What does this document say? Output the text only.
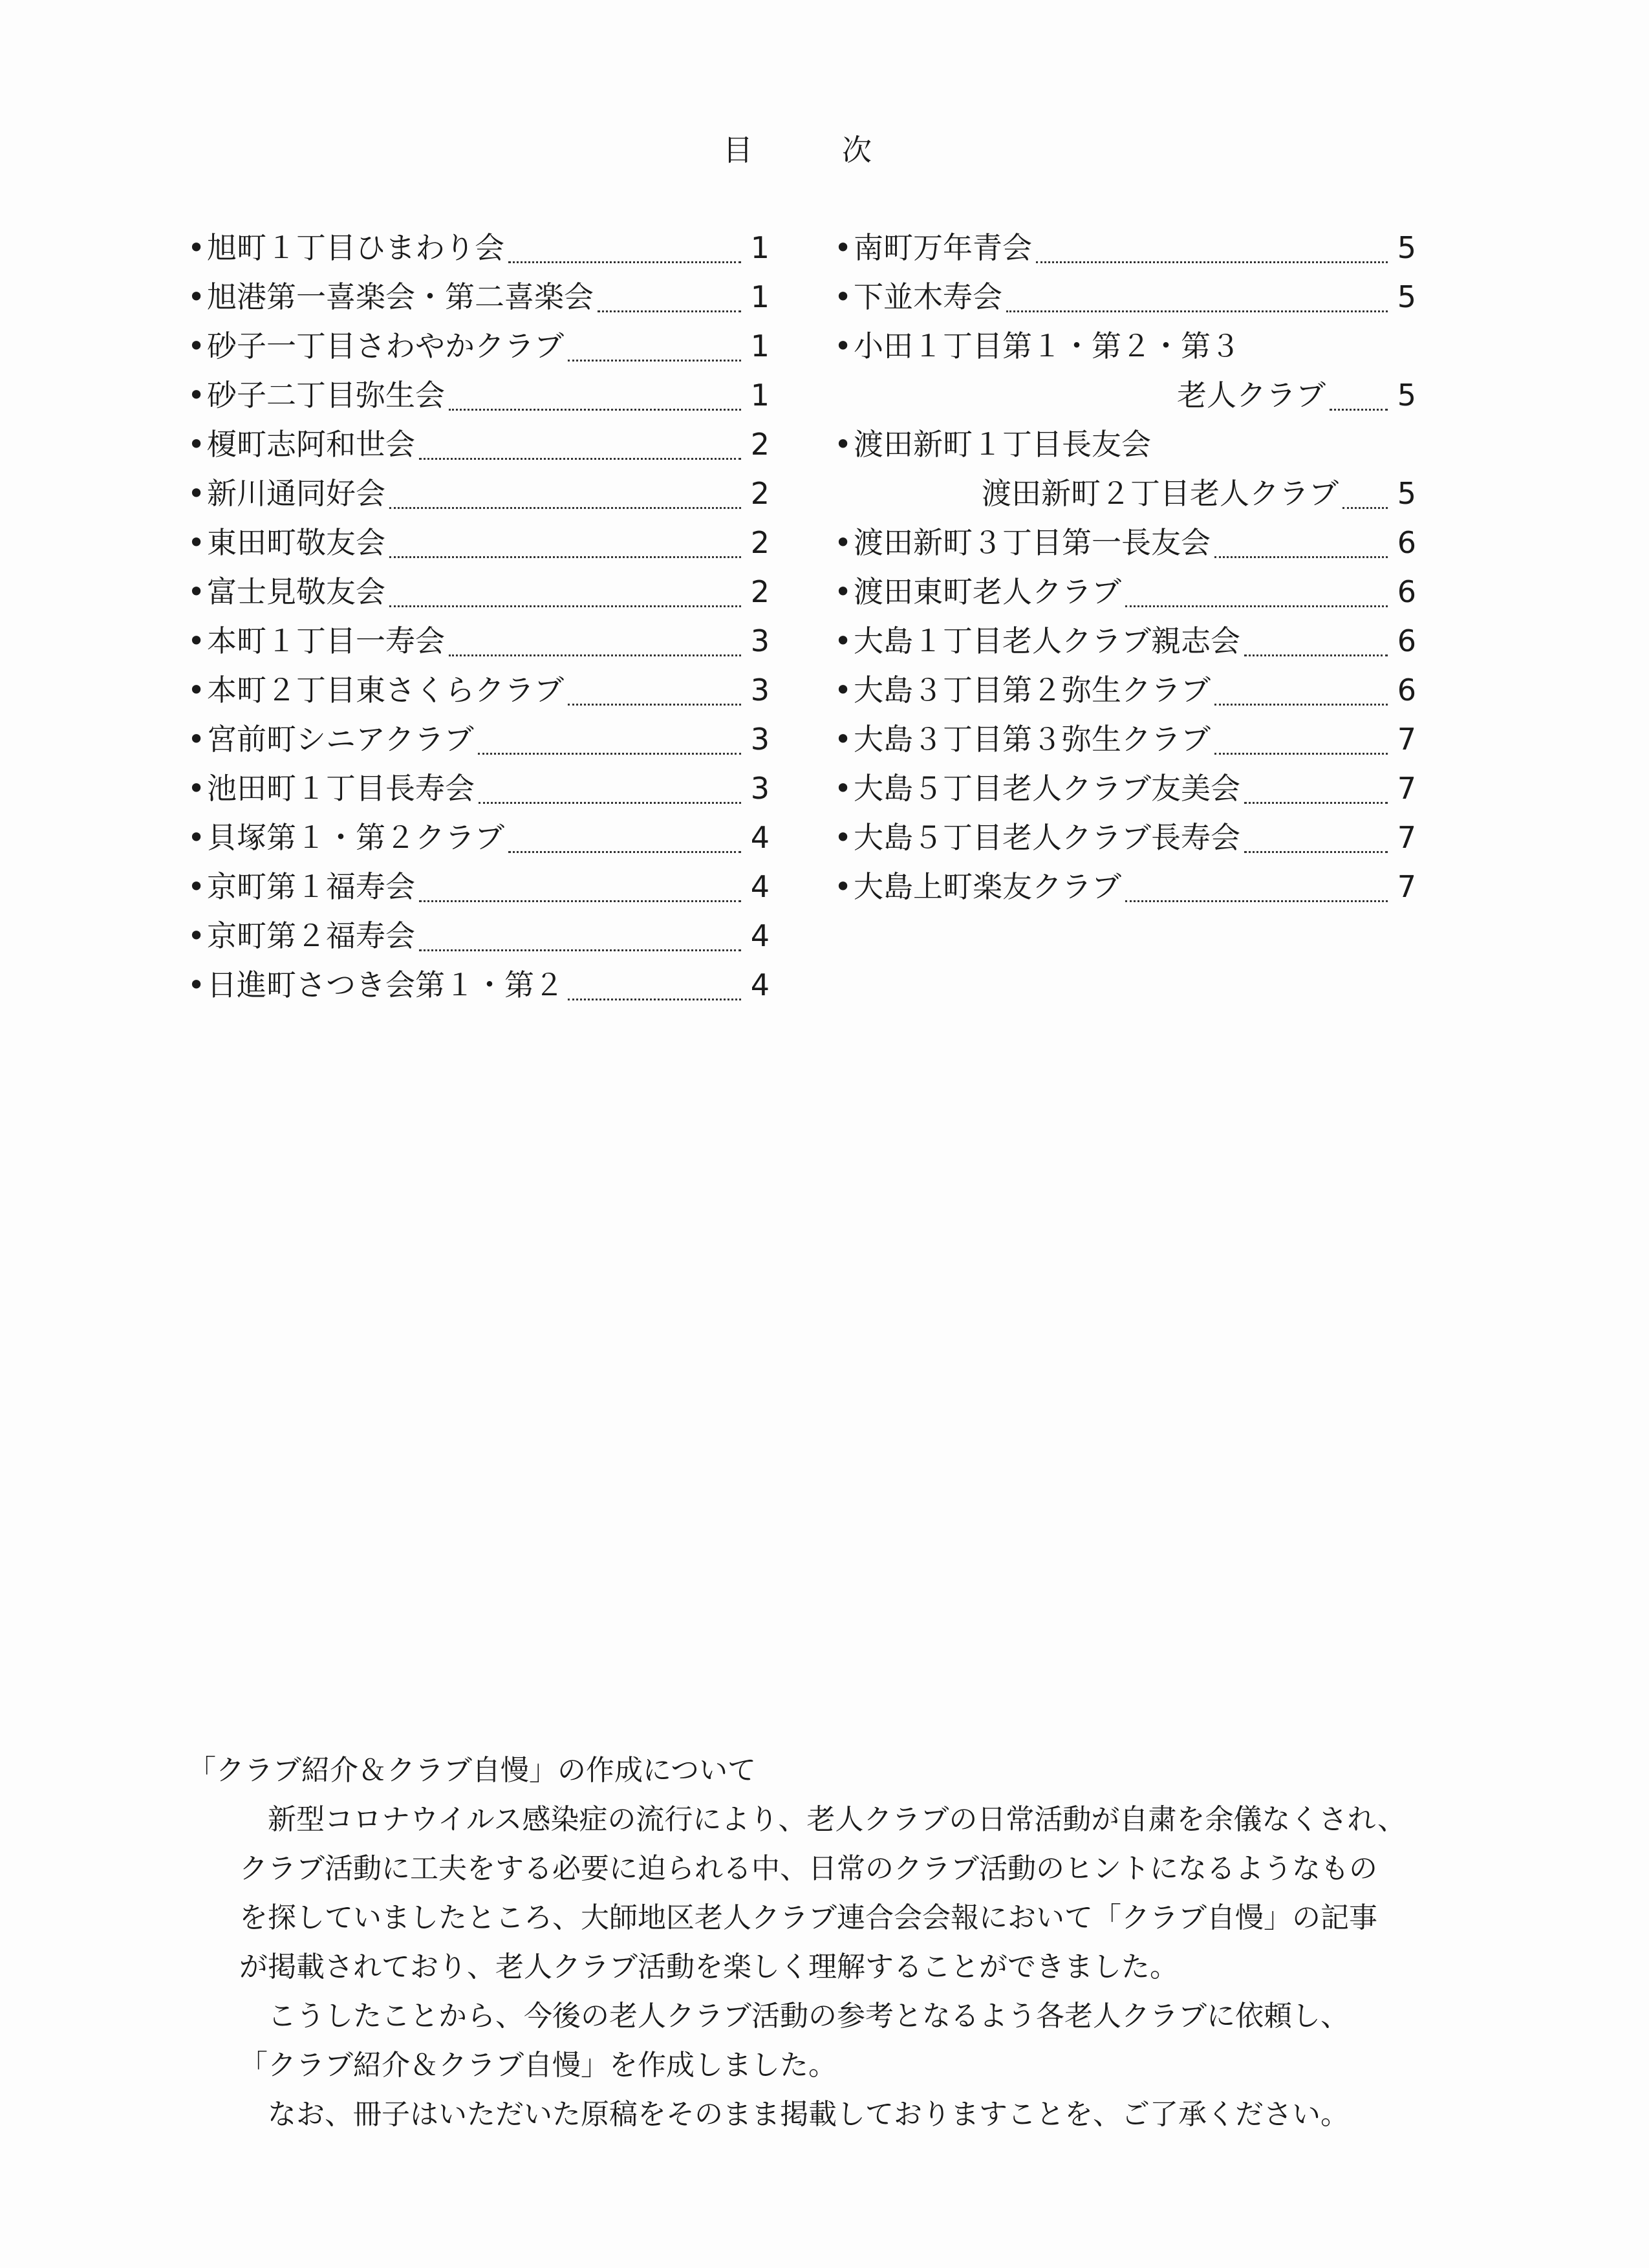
目	次
• 旭町１丁目ひまわり会	1
• 旭港第一喜楽会・第二喜楽会	1
• 砂子一丁目さわやかクラブ	1
• 砂子二丁目弥生会	1
• 榎町志阿和世会	2
• 新川通同好会	2
• 東田町敬友会	2
• 富士見敬友会	2
• 本町１丁目一寿会	3
• 本町２丁目東さくらクラブ	3
• 宮前町シニアクラブ	3
• 池田町１丁目長寿会	3
• 貝塚第１・第２クラブ	4
• 京町第１福寿会	4
• 京町第２福寿会	4
• 日進町さつき会第１・第２	4
• 南町万年青会	5
• 下並木寿会	5
• 小田１丁目第１・第２・第３
老人クラブ 5
• 渡田新町１丁目長友会
渡田新町２丁目老人クラブ 5
• 渡田新町３丁目第一長友会	6
• 渡田東町老人クラブ	6
• 大島１丁目老人クラブ親志会	6
• 大島３丁目第２弥生クラブ	6
• 大島３丁目第３弥生クラブ	7
• 大島５丁目老人クラブ友美会	7
• 大島５丁目老人クラブ長寿会	7
• 大島上町楽友クラブ	7
「クラブ紹介＆クラブ自慢」の作成について
新型コロナウイルス感染症の流行により、老人クラブの日常活動が自粛を余儀なくされ、
クラブ活動に工夫をする必要に迫られる中、日常のクラブ活動のヒントになるようなもの
を探していましたところ、大師地区老人クラブ連合会会報において「クラブ自慢」の記事
が掲載されており、老人クラブ活動を楽しく理解することができました。
こうしたことから、今後の老人クラブ活動の参考となるよう各老人クラブに依頼し、
「クラブ紹介＆クラブ自慢」を作成しました。
なお、冊子はいただいた原稿をそのまま掲載しておりますことを、ご了承ください。
